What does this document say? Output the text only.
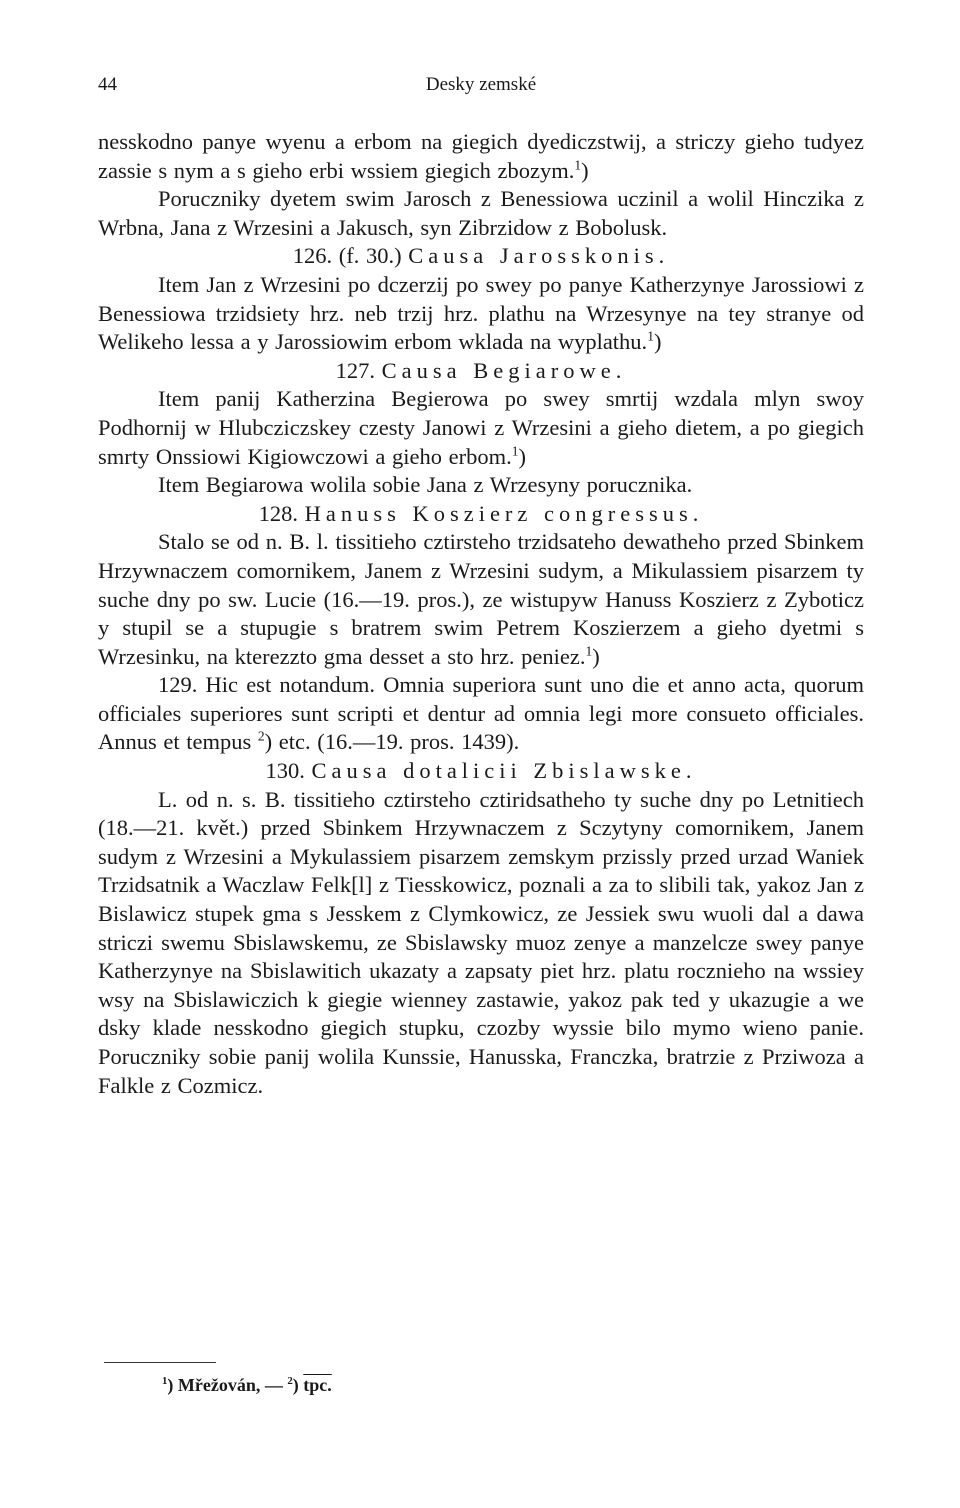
44	Desky zemské

nesskodno panye wyenu a erbom na giegich dyediczstwij, a striczy gieho tudyez zassie s nym a s gieho erbi wssiem giegich zbozym.$^1$)

Porucznikу dyetem swim Jarosch z Benessiowa uczinil a wolil Hinczika z Wrbna, Jana z Wrzesini a Jakusch, syn Zibrzidow z Bobolusk.

126. (f. 30.) Causa Jarosskonis.

Item Jan z Wrzesini po dczerzij po swey po panye Katherzynye Jarossiowi z Benessiowa trzidsiety hrz. neb trzij hrz. plathu na Wrzesynye na tey stranye od Welikeho lessa a y Jarossiowim erbom wklada na wyplathu.$^1$)

127. Causa Begiarowe.

Item panij Katherzina Begierowa po swey smrtij wzdala mlyn swoy Podhornij w Hlubcziczskey czesty Janowi z Wrzesini a gieho dietem, a po giegich smrty Onssiowi Kigiowczowi a gieho erbom.$^1$)

Item Begiarowa wolila sobie Jana z Wrzesyny porucznika.

128. Hanuss Koszierz congressus.

Stalo se od n. B. l. tissitieho cztirsteho trzidsateho dewatheho przed Sbinkem Hrzywnaczem comornikem, Janem z Wrzesini sudym, a Mikulassiem pisarzem ty suche dny po sw. Lucie (16.—19. pros.), ze wistupyw Hanuss Koszierz z Zyboticz y stupil se a stupugie s bratrem swim Petrem Koszierzem a gieho dyetmi s Wrzesinku, na kterezzto gma desset a sto hrz. peniez.$^1$)

129. Hic est notandum. Omnia superiora sunt uno die et anno acta, quorum officiales superiores sunt scripti et dentur ad omnia legi more consueto officiales. Annus et tempus $^2$) etc. (16.—19. pros. 1439).

130. Causa dotalicii Zbislawske.

L. od n. s. B. tissitieho cztirsteho cztiridsatheho ty suche dny po Letnitiech (18.—21. květ.) przed Sbinkem Hrzywnaczem z Sczytyny comornikem, Janem sudym z Wrzesini a Mykulassiem pisarzem zemskym przissly przed urzad Waniek Trzidsatnik a Waczlaw Felk[l] z Tiesskowicz, poznali a za to slibili tak, yakoz Jan z Bislawicz stupek gma s Jesskem z Clymkowicz, ze Jessiek swu wuoli dal a dawa striczi swemu Sbislawskemu, ze Sbislawsky muoz zenye a manzelcze swey panye Katherzynye na Sbislawitich ukazaty a zapsaty piet hrz. platu rocznieho na wssiey wsy na Sbislawiczich k giegie wienney zastawie, yakoz pak ted y ukazugie a we dsky klade nesskodno giegich stupku, czozby wyssie bilo mymo wieno panie. Porucznikу sobie panij wolila Kunssie, Hanusska, Franczka, bratrzie z Prziwoza a Falkle z Cozmicz.

$^1$) Mřežován, — $^2$) tpc.
